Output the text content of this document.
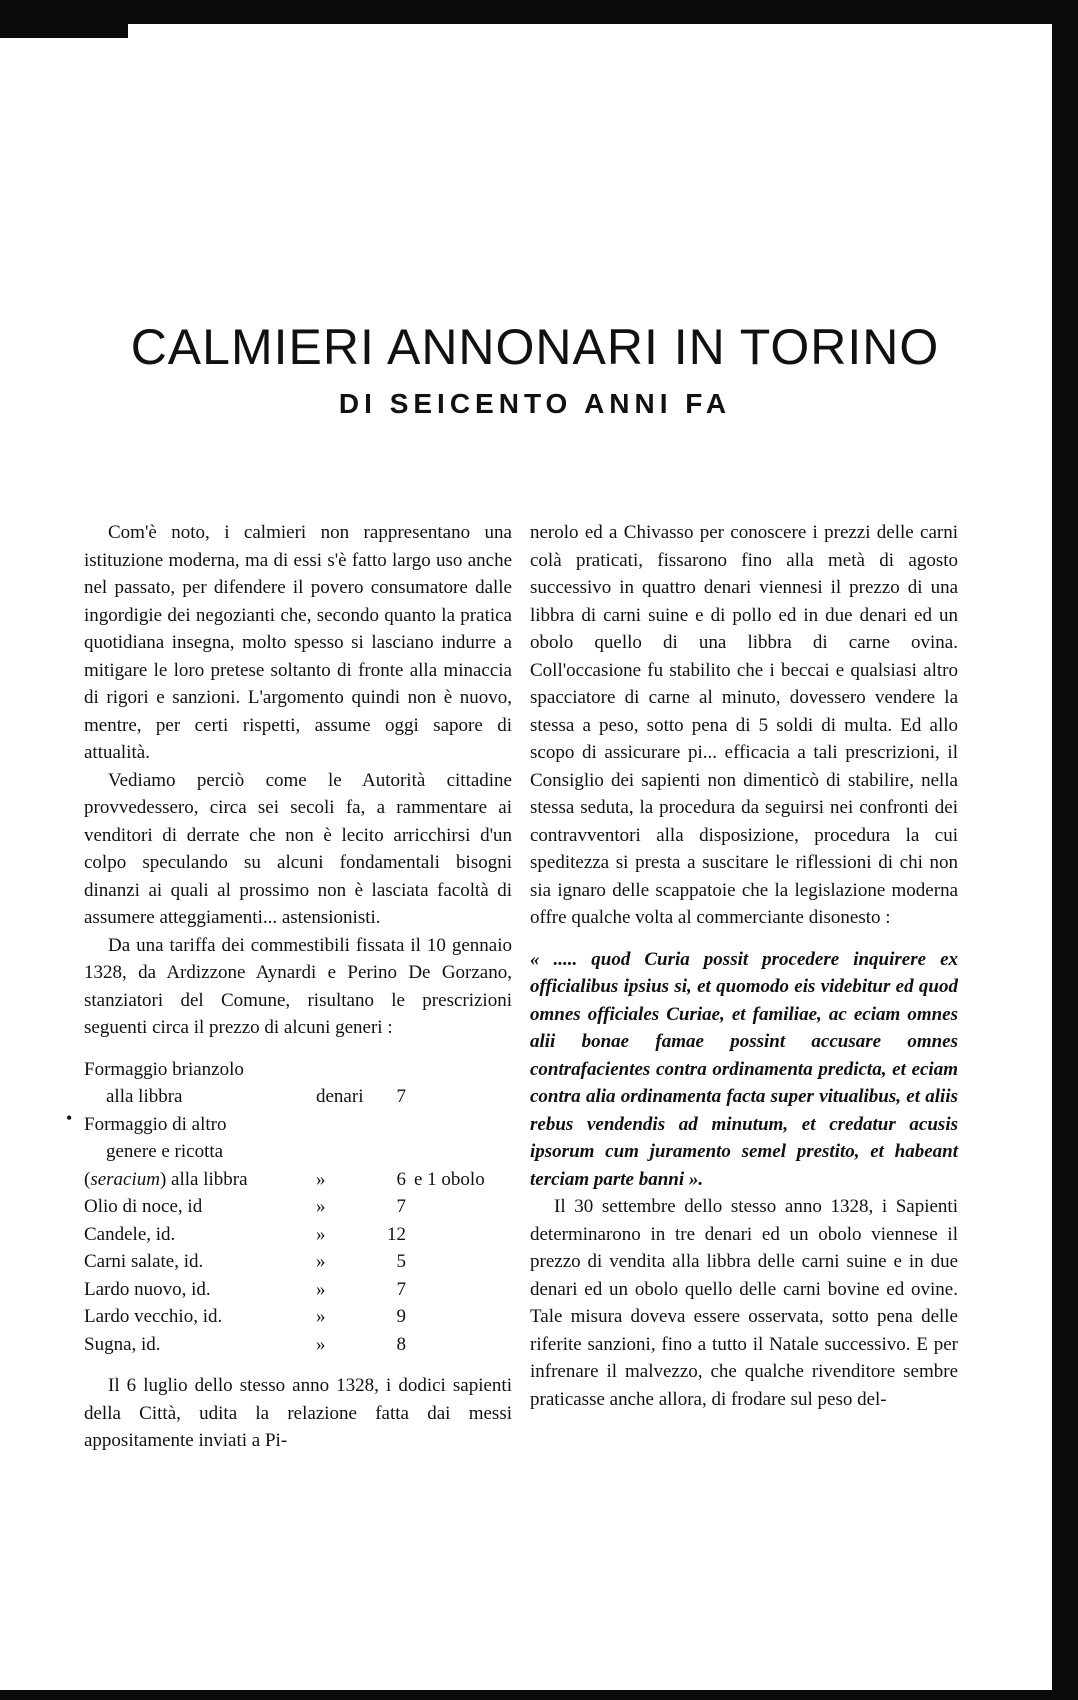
CALMIERI ANNONARI IN TORINO
DI SEICENTO ANNI FA
•

Com'è noto, i calmieri non rappresentano una istituzione moderna, ma di essi s'è fatto largo uso anche nel passato, per difendere il povero consumatore dalle ingordigie dei negozianti che, secondo quanto la pratica quotidiana insegna, molto spesso si lasciano indurre a mitigare le loro pretese soltanto di fronte alla minaccia di rigori e sanzioni. L'argomento quindi non è nuovo, mentre, per certi rispetti, assume oggi sapore di attualità.

Vediamo perciò come le Autorità cittadine provvedessero, circa sei secoli fa, a rammentare ai venditori di derrate che non è lecito arricchirsi d'un colpo speculando su alcuni fondamentali bisogni dinanzi ai quali al prossimo non è lasciata facoltà di assumere atteggiamenti... astensionisti.

Da una tariffa dei commestibili fissata il 10 gennaio 1328, da Ardizzone Aynardi e Perino De Gorzano, stanziatori del Comune, risultano le prescrizioni seguenti circa il prezzo di alcuni generi :

Formaggio brianzolo
alla libbra	denari	7
Formaggio di altro
genere e ricotta
(seracium) alla libbra	»	6 e 1 obolo
Olio di noce, id	»	7
Candele, id.	»	12
Carni salate, id.	»	5
Lardo nuovo, id.	»	7
Lardo vecchio, id.	»	9
Sugna, id.	»	8

Il 6 luglio dello stesso anno 1328, i dodici sapienti della Città, udita la relazione fatta dai messi appositamente inviati a Pi-

nerolo ed a Chivasso per conoscere i prezzi delle carni colà praticati, fissarono fino alla metà di agosto successivo in quattro denari viennesi il prezzo di una libbra di carni suine e di pollo ed in due denari ed un obolo quello di una libbra di carne ovina. Coll'occasione fu stabilito che i beccai e qualsiasi altro spacciatore di carne al minuto, dovessero vendere la stessa a peso, sotto pena di 5 soldi di multa. Ed allo scopo di assicurare pi... efficacia a tali prescrizioni, il Consiglio dei sapienti non dimenticò di stabilire, nella stessa seduta, la procedura da seguirsi nei confronti dei contravventori alla disposizione, procedura la cui speditezza si presta a suscitare le riflessioni di chi non sia ignaro delle scappatoie che la legislazione moderna offre qualche volta al commerciante disonesto :

« ..... quod Curia possit procedere inquirere ex officialibus ipsius si, et quomodo eis videbitur ed quod omnes officiales Curiae, et familiae, ac eciam omnes alii bonae famae possint accusare omnes contrafacientes contra ordinamenta predicta, et eciam contra alia ordinamenta facta super vitualibus, et aliis rebus vendendis ad minutum, et credatur acusis ipsorum cum juramento semel prestito, et habeant terciam parte banni ».

Il 30 settembre dello stesso anno 1328, i Sapienti determinarono in tre denari ed un obolo viennese il prezzo di vendita alla libbra delle carni suine e in due denari ed un obolo quello delle carni bovine ed ovine. Tale misura doveva essere osservata, sotto pena delle riferite sanzioni, fino a tutto il Natale successivo. E per infrenare il malvezzo, che qualche rivenditore sembre praticasse anche allora, di frodare sul peso del-
